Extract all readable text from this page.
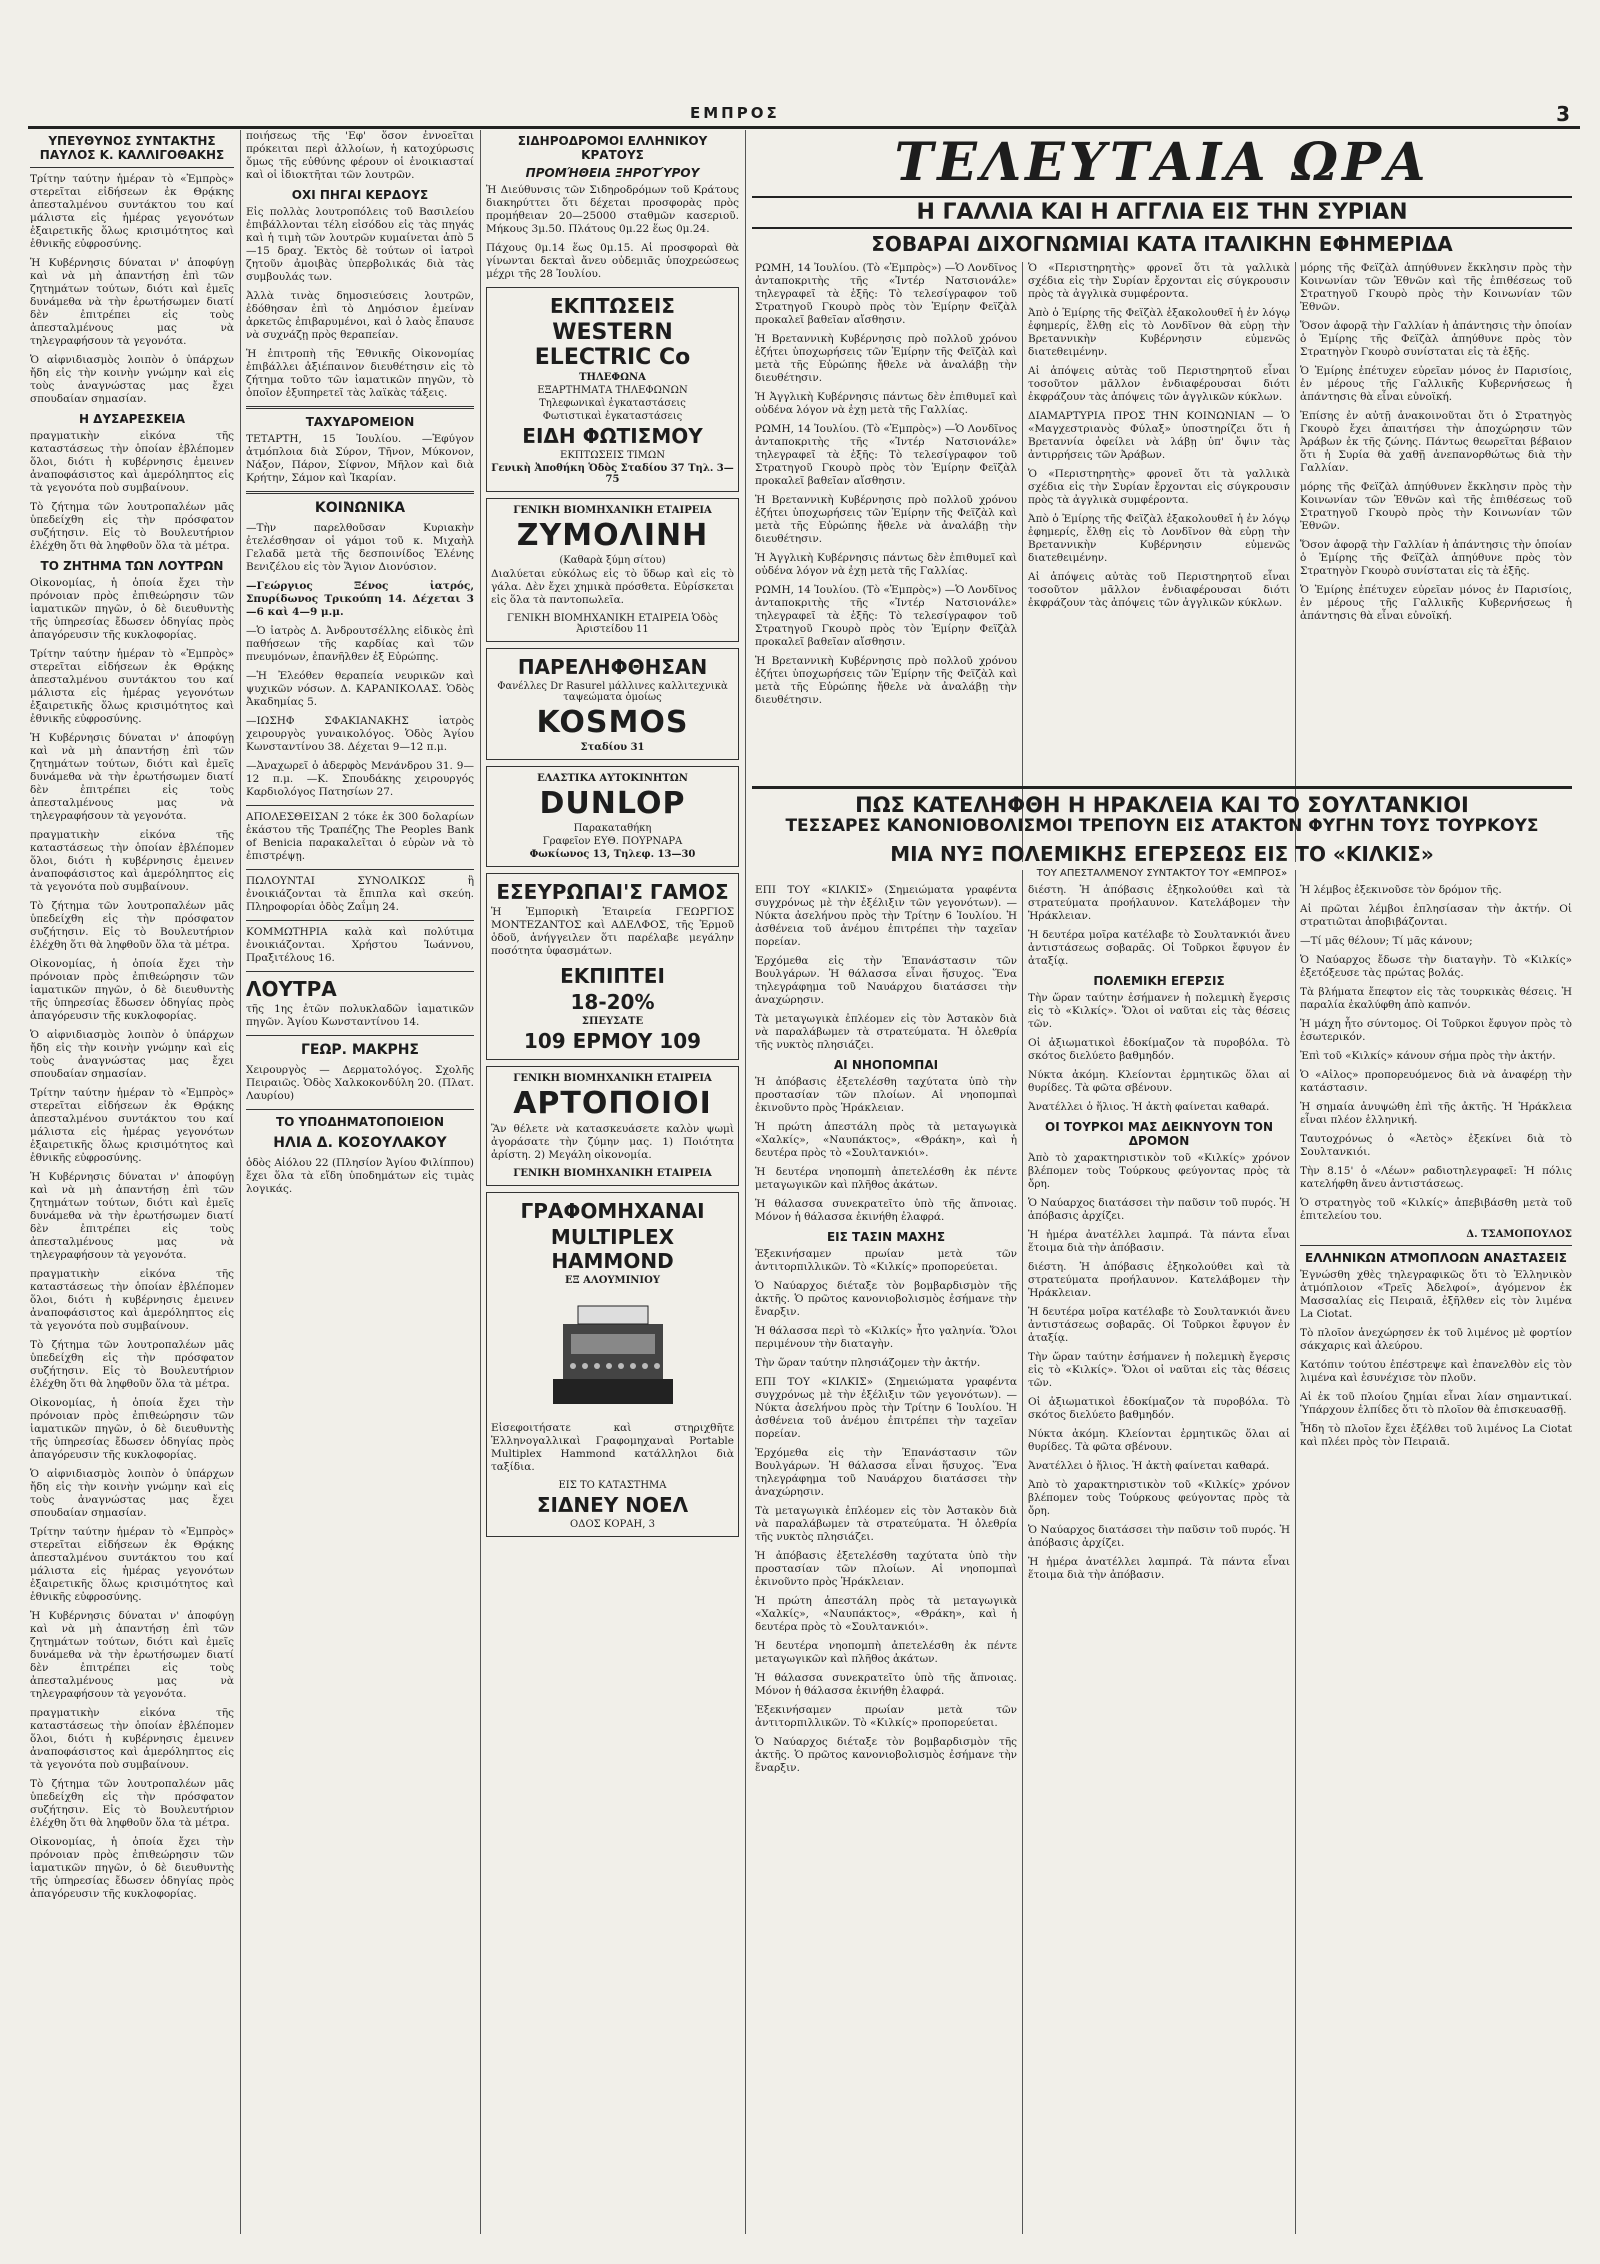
ΕΜΠΡΟΣ	3
ΥΠΕΥΘΥΝΟΣ ΣΥΝΤΑΚΤΗΣ ΠΑΥΛΟΣ Κ. ΚΑΛΛΙΓΟΘΑΚΗΣ

Τρίτην ταύτην ἡμέραν τὸ «Ἐμπρὸς» στερεῖται εἰδήσεων ἐκ Θρᾴκης ἀπεσταλμένου συντάκτου του καί μάλιστα εἰς ἡμέρας γεγονότων ἐξαιρετικῆς ὅλως κρισιμότητος καὶ ἐθνικῆς εὐφροσύνης.

Ἡ Κυβέρνησις δύναται ν' ἀποφύγῃ καὶ νὰ μὴ ἀπαντήσῃ ἐπὶ τῶν ζητημάτων τούτων, διότι καὶ ἐμεῖς δυνάμεθα νὰ τὴν ἐρωτήσωμεν διατί δὲν ἐπιτρέπει εἰς τοὺς ἀπεσταλμένους μας νὰ τηλεγραφήσουν τὰ γεγονότα.

Ὁ αἰφνιδιασμὸς λοιπὸν ὁ ὑπάρχων ἤδη εἰς τὴν κοινὴν γνώμην καὶ εἰς τοὺς ἀναγνώστας μας ἔχει σπουδαίαν σημασίαν.

Η ΔΥΣΑΡΕΣΚΕΙΑ

πραγματικὴν εἰκόνα τῆς καταστάσεως τὴν ὁποίαν ἐβλέπομεν ὅλοι, διότι ἡ κυβέρνησις ἐμεινεν ἀναποφάσιστος καὶ ἀμερόληπτος εἰς τὰ γεγονότα ποὺ συμβαίνουν.

Τὸ ζήτημα τῶν λουτροπαλέων μᾶς ὑπεδείχθη εἰς τὴν πρόσφατον συζήτησιν. Εἰς τὸ Βουλευτήριον ἐλέχθη ὅτι θὰ ληφθοῦν ὅλα τὰ μέτρα.

ΤΟ ΖΗΤΗΜΑ ΤΩΝ ΛΟΥΤΡΩΝ

Οἰκονομίας, ἡ ὁποία ἔχει τὴν πρόνοιαν πρὸς ἐπιθεώρησιν τῶν ἰαματικῶν πηγῶν, ὁ δὲ διευθυντὴς τῆς ὑπηρεσίας ἔδωσεν ὁδηγίας πρὸς ἀπαγόρευσιν τῆς κυκλοφορίας.

Τρίτην ταύτην ἡμέραν τὸ «Ἐμπρὸς» στερεῖται εἰδήσεων ἐκ Θρᾴκης ἀπεσταλμένου συντάκτου του καί μάλιστα εἰς ἡμέρας γεγονότων ἐξαιρετικῆς ὅλως κρισιμότητος καὶ ἐθνικῆς εὐφροσύνης.

Ἡ Κυβέρνησις δύναται ν' ἀποφύγῃ καὶ νὰ μὴ ἀπαντήσῃ ἐπὶ τῶν ζητημάτων τούτων, διότι καὶ ἐμεῖς δυνάμεθα νὰ τὴν ἐρωτήσωμεν διατί δὲν ἐπιτρέπει εἰς τοὺς ἀπεσταλμένους μας νὰ τηλεγραφήσουν τὰ γεγονότα.

πραγματικὴν εἰκόνα τῆς καταστάσεως τὴν ὁποίαν ἐβλέπομεν ὅλοι, διότι ἡ κυβέρνησις ἐμεινεν ἀναποφάσιστος καὶ ἀμερόληπτος εἰς τὰ γεγονότα ποὺ συμβαίνουν.

Τὸ ζήτημα τῶν λουτροπαλέων μᾶς ὑπεδείχθη εἰς τὴν πρόσφατον συζήτησιν. Εἰς τὸ Βουλευτήριον ἐλέχθη ὅτι θὰ ληφθοῦν ὅλα τὰ μέτρα.

Οἰκονομίας, ἡ ὁποία ἔχει τὴν πρόνοιαν πρὸς ἐπιθεώρησιν τῶν ἰαματικῶν πηγῶν, ὁ δὲ διευθυντὴς τῆς ὑπηρεσίας ἔδωσεν ὁδηγίας πρὸς ἀπαγόρευσιν τῆς κυκλοφορίας.

Ὁ αἰφνιδιασμὸς λοιπὸν ὁ ὑπάρχων ἤδη εἰς τὴν κοινὴν γνώμην καὶ εἰς τοὺς ἀναγνώστας μας ἔχει σπουδαίαν σημασίαν.

Τρίτην ταύτην ἡμέραν τὸ «Ἐμπρὸς» στερεῖται εἰδήσεων ἐκ Θρᾴκης ἀπεσταλμένου συντάκτου του καί μάλιστα εἰς ἡμέρας γεγονότων ἐξαιρετικῆς ὅλως κρισιμότητος καὶ ἐθνικῆς εὐφροσύνης.

Ἡ Κυβέρνησις δύναται ν' ἀποφύγῃ καὶ νὰ μὴ ἀπαντήσῃ ἐπὶ τῶν ζητημάτων τούτων, διότι καὶ ἐμεῖς δυνάμεθα νὰ τὴν ἐρωτήσωμεν διατί δὲν ἐπιτρέπει εἰς τοὺς ἀπεσταλμένους μας νὰ τηλεγραφήσουν τὰ γεγονότα.

πραγματικὴν εἰκόνα τῆς καταστάσεως τὴν ὁποίαν ἐβλέπομεν ὅλοι, διότι ἡ κυβέρνησις ἐμεινεν ἀναποφάσιστος καὶ ἀμερόληπτος εἰς τὰ γεγονότα ποὺ συμβαίνουν.

Τὸ ζήτημα τῶν λουτροπαλέων μᾶς ὑπεδείχθη εἰς τὴν πρόσφατον συζήτησιν. Εἰς τὸ Βουλευτήριον ἐλέχθη ὅτι θὰ ληφθοῦν ὅλα τὰ μέτρα.

Οἰκονομίας, ἡ ὁποία ἔχει τὴν πρόνοιαν πρὸς ἐπιθεώρησιν τῶν ἰαματικῶν πηγῶν, ὁ δὲ διευθυντὴς τῆς ὑπηρεσίας ἔδωσεν ὁδηγίας πρὸς ἀπαγόρευσιν τῆς κυκλοφορίας.

Ὁ αἰφνιδιασμὸς λοιπὸν ὁ ὑπάρχων ἤδη εἰς τὴν κοινὴν γνώμην καὶ εἰς τοὺς ἀναγνώστας μας ἔχει σπουδαίαν σημασίαν.

Τρίτην ταύτην ἡμέραν τὸ «Ἐμπρὸς» στερεῖται εἰδήσεων ἐκ Θρᾴκης ἀπεσταλμένου συντάκτου του καί μάλιστα εἰς ἡμέρας γεγονότων ἐξαιρετικῆς ὅλως κρισιμότητος καὶ ἐθνικῆς εὐφροσύνης.

Ἡ Κυβέρνησις δύναται ν' ἀποφύγῃ καὶ νὰ μὴ ἀπαντήσῃ ἐπὶ τῶν ζητημάτων τούτων, διότι καὶ ἐμεῖς δυνάμεθα νὰ τὴν ἐρωτήσωμεν διατί δὲν ἐπιτρέπει εἰς τοὺς ἀπεσταλμένους μας νὰ τηλεγραφήσουν τὰ γεγονότα.

πραγματικὴν εἰκόνα τῆς καταστάσεως τὴν ὁποίαν ἐβλέπομεν ὅλοι, διότι ἡ κυβέρνησις ἐμεινεν ἀναποφάσιστος καὶ ἀμερόληπτος εἰς τὰ γεγονότα ποὺ συμβαίνουν.

Τὸ ζήτημα τῶν λουτροπαλέων μᾶς ὑπεδείχθη εἰς τὴν πρόσφατον συζήτησιν. Εἰς τὸ Βουλευτήριον ἐλέχθη ὅτι θὰ ληφθοῦν ὅλα τὰ μέτρα.

Οἰκονομίας, ἡ ὁποία ἔχει τὴν πρόνοιαν πρὸς ἐπιθεώρησιν τῶν ἰαματικῶν πηγῶν, ὁ δὲ διευθυντὴς τῆς ὑπηρεσίας ἔδωσεν ὁδηγίας πρὸς ἀπαγόρευσιν τῆς κυκλοφορίας.

ποιήσεως τῆς 'Εφ' ὅσον ἐννοεῖται πρόκειται περὶ ἀλλοίων, ἡ κατοχύρωσις ὅμως τῆς εὐθύνης φέρουν οἱ ἐνοικιασταί καὶ οἱ ἰδιοκτῆται τῶν λουτρῶν.

ΟΧΙ ΠΗΓΑΙ ΚΕΡΔΟΥΣ

Εἰς πολλὰς λουτροπόλεις τοῦ Βασιλείου ἐπιβάλλονται τέλη εἰσόδου εἰς τὰς πηγάς καὶ ἡ τιμὴ τῶν λουτρῶν κυμαίνεται ἀπὸ 5—15 δραχ. Ἐκτὸς δὲ τούτων οἱ ἰατροὶ ζητοῦν ἀμοιβὰς ὑπερβολικάς διὰ τὰς συμβουλάς των.

Ἀλλὰ τινὰς δημοσιεύσεις λουτρῶν, ἐδόθησαν ἐπὶ τὸ Δημόσιον ἐμείναν ἀρκετῶς ἐπιβαρυμένοι, καὶ ὁ λαὸς ἔπαυσε νὰ συχνάζῃ πρὸς θεραπείαν.

Ἡ ἐπιτροπὴ τῆς Ἐθνικῆς Οἰκονομίας ἐπιβάλλει ἀξιέπαινον διευθέτησιν εἰς τὸ ζήτημα τοῦτο τῶν ἰαματικῶν πηγῶν, τὸ ὁποῖον ἐξυπηρετεῖ τὰς λαϊκὰς τάξεις.

ΤΑΧΥΔΡΟΜΕΙΟΝ

ΤΕΤΑΡΤΗ, 15 Ἰουλίου. —Ἐφύγον ἀτμόπλοια διὰ Σύρον, Τῆνον, Μύκονον, Νάξον, Πάρον, Σίφνον, Μῆλον καὶ διὰ Κρήτην, Σάμον καὶ Ἰκαρίαν.

ΚΟΙΝΩΝΙΚΑ

—Τὴν παρελθοῦσαν Κυριακὴν ἐτελέσθησαν οἱ γάμοι τοῦ κ. Μιχαὴλ Γελαδᾶ μετὰ τῆς δεσποινίδος Ἑλένης Βενιζέλου εἰς τὸν Ἅγιον Διονύσιον.

—Γεώργιος Ξένος ἰατρός, Σπυρίδωνος Τρικούπη 14. Δέχεται 3—6 καὶ 4—9 μ.μ.

—Ὁ ἰατρὸς Δ. Ἀνδρουτσέλλης εἰδικὸς ἐπὶ παθήσεων τῆς καρδίας καὶ τῶν πνευμόνων, ἐπανῆλθεν ἐξ Εὐρώπης.

—Ἡ Ἐλεόθεν θεραπεία νευρικῶν καὶ ψυχικῶν νόσων. Δ. ΚΑΡΑΝΙΚΟΛΑΣ. Ὁδὸς Ἀκαδημίας 5.

—ΙΩΣΗΦ ΣΦΑΚΙΑΝΑΚΗΣ ἰατρὸς χειρουργὸς γυναικολόγος. Ὁδὸς Ἁγίου Κωνσταντίνου 38. Δέχεται 9—12 π.μ.

—Ἀναχωρεῖ ὁ ἀδερφὸς Μενάνδρου 31. 9—12 π.μ. —Κ. Σπουδάκης χειρουργός Καρδιολόγος Πατησίων 27.

ΑΠΟΛΕΣΘΕΙΣΑΝ 2 τόκε ἐκ 300 δολαρίων ἑκάστου τῆς Τραπέζης The Peoples Bank of Benicia παρακαλεῖται ὁ εὑρὼν νὰ τὸ ἐπιστρέψῃ.

ΠΩΛΟΥΝΤΑΙ ΣΥΝΟΛΙΚΩΣ ἢ ἐνοικιάζονται τὰ ἔπιπλα καὶ σκεύη. Πληροφορίαι ὁδὸς Ζαΐμη 24.

ΚΟΜΜΩΤΗΡΙΑ καλὰ καὶ πολύτιμα ἐνοικιάζονται. Χρήστου Ἰωάννου, Πραξιτέλους 16.

ΛΟΥΤΡΑ

τῆς 1ης ἐτῶν πολυκλαδῶν ἰαματικῶν πηγῶν. Ἁγίου Κωνσταντίνου 14.

ΓΕΩΡ. ΜΑΚΡΗΣ

Χειρουργὸς — Δερματολόγος. Σχολῆς Πειραιῶς. Ὁδὸς Χαλκοκονδύλη 20. (Πλατ. Λαυρίου)

ΤΟ ΥΠΟΔΗΜΑΤΟΠΟΙΕΙΟΝ
ΗΛΙΑ Δ. ΚΟΣΟΥΛΑΚΟΥ

ὁδὸς Αἰόλου 22 (Πλησίον Ἁγίου Φιλίππου) ἔχει ὅλα τὰ εἴδη ὑποδημάτων εἰς τιμὰς λογικάς.

ΣΙΔΗΡΟΔΡΟΜΟΙ ΕΛΛΗΝΙΚΟΥ ΚΡΑΤΟΥΣ
ΠΡΟΜΉΘΕΙΑ ΞΗΡΟΤΎΡΟΥ

Ἡ Διεύθυνσις τῶν Σιδηροδρόμων τοῦ Κράτους διακηρύττει ὅτι δέχεται προσφορὰς πρὸς προμήθειαν 20—25000 σταθμῶν κασεριοῦ. Μήκους 3μ.50. Πλάτους 0μ.22 ἕως 0μ.24.

Πάχους 0μ.14 ἕως 0μ.15. Αἱ προσφοραὶ θὰ γίνωνται δεκταὶ ἄνευ οὐδεμιᾶς ὑποχρεώσεως μέχρι τῆς 28 Ἰουλίου.

ΕΚΠΤΩΣΕΙΣ
WESTERN ELECTRIC Co
ΤΗΛΕΦΩΝΑ
ΕΞΑΡΤΗΜΑΤΑ ΤΗΛΕΦΩΝΩΝ
Τηλεφωνικαὶ ἐγκαταστάσεις
Φωτιστικαὶ ἐγκαταστάσεις
ΕΙΔΗ ΦΩΤΙΣΜΟΥ
ΕΚΠΤΩΣΕΙΣ ΤΙΜΩΝ
Γενικὴ Ἀποθήκη Ὁδὸς Σταδίου 37 Τηλ. 3—75
ΓΕΝΙΚΗ ΒΙΟΜΗΧΑΝΙΚΗ ΕΤΑΙΡΕΙΑ
ΖΥΜΟΛΙΝΗ
(Καθαρὰ ξύμη σίτου)

Διαλύεται εὐκόλως εἰς τὸ ὕδωρ καὶ εἰς τὸ γάλα. Δὲν ἔχει χημικὰ πρόσθετα. Εὑρίσκεται εἰς ὅλα τὰ παντοπωλεῖα.

ΓΕΝΙΚΗ ΒΙΟΜΗΧΑΝΙΚΗ ΕΤΑΙΡΕΙΑ Ὁδὸς Ἀριστείδου 11
ΠΑΡΕΛΗΦΘΗΣΑΝ
Φανέλλες Dr Rasurel μάλλινες καλλιτεχνικὰ ταψεώματα ὁμοίως
KOSMOS
Σταδίου 31
ΕΛΑΣΤΙΚΑ ΑΥΤΟΚΙΝΗΤΩΝ
DUNLOP
Παρακαταθήκη
Γραφεῖον ΕΥΘ. ΠΟΥΡΝΑΡΑ
Φωκίωνος 13, Τηλεφ. 13—30
ΕΣΕΥΡΩΠΑΙ'Σ ΓΑΜΟΣ

Ἡ Ἐμπορικὴ Ἑταιρεία ΓΕΩΡΓΙΟΣ ΜΟΝΤΕΖΑΝΤΟΣ καὶ ΑΔΕΛΦΟΣ, τῆς Ἑρμοῦ ὁδοῦ, ἀνήγγειλεν ὅτι παρέλαβε μεγάλην ποσότητα ὑφασμάτων.

ΕΚΠΙΠΤΕΙ
18-20%
ΣΠΕΥΣΑΤΕ
109 ΕΡΜΟΥ 109
ΓΕΝΙΚΗ ΒΙΟΜΗΧΑΝΙΚΗ ΕΤΑΙΡΕΙΑ
ΑΡΤΟΠΟΙΟΙ

Ἂν θέλετε νὰ κατασκευάσετε καλὸν ψωμὶ ἀγοράσατε τὴν ζύμην μας. 1) Ποιότητα ἀρίστη. 2) Μεγάλη οἰκονομία.

ΓΕΝΙΚΗ ΒΙΟΜΗΧΑΝΙΚΗ ΕΤΑΙΡΕΙΑ
ΓΡΑΦΟΜΗΧΑΝΑΙ
MULTIPLEX HAMMOND
ΕΞ ΑΛΟΥΜΙΝΙΟΥ

Εἰσεφοιτήσατε καὶ στηριχθῆτε Ἑλληνογαλλικαὶ Γραφομηχαναὶ Portable Multiplex Hammond κατάλληλοι διὰ ταξίδια.

ΕΙΣ ΤΟ ΚΑΤΑΣΤΗΜΑ
ΣΙΔΝΕΥ ΝΟΕΛ
ΟΔΟΣ ΚΟΡΑΗ, 3
ΤΕΛΕΥΤΑΙΑ ΩΡΑ
Η ΓΑΛΛΙΑ ΚΑΙ Η ΑΓΓΛΙΑ ΕΙΣ ΤΗΝ ΣΥΡΙΑΝ
ΣΟΒΑΡΑΙ ΔΙΧΟΓΝΩΜΙΑΙ ΚΑΤΑ ΙΤΑΛΙΚΗΝ ΕΦΗΜΕΡΙΔΑ

ΡΩΜΗ, 14 Ἰουλίου. (Τὸ «Ἐμπρὸς») —Ὁ Λονδῖνος ἀνταποκριτὴς τῆς «Ἰντέρ Νατσιονάλε» τηλεγραφεῖ τὰ ἑξῆς: Τὸ τελεσίγραφον τοῦ Στρατηγοῦ Γκουρὸ πρὸς τὸν Ἐμίρην Φεϊζὰλ προκαλεῖ βαθεῖαν αἴσθησιν.

Ἡ Βρεταννικὴ Κυβέρνησις πρὸ πολλοῦ χρόνου ἐζήτει ὑποχωρήσεις τῶν Ἐμίρην τῆς Φεϊζὰλ καὶ μετὰ τῆς Εὐρώπης ἤθελε νὰ ἀναλάβῃ τὴν διευθέτησιν.

Ἡ Ἀγγλικὴ Κυβέρνησις πάντως δὲν ἐπιθυμεῖ καὶ οὐδένα λόγον νὰ ἐχῃ μετὰ τῆς Γαλλίας.

ΡΩΜΗ, 14 Ἰουλίου. (Τὸ «Ἐμπρὸς») —Ὁ Λονδῖνος ἀνταποκριτὴς τῆς «Ἰντέρ Νατσιονάλε» τηλεγραφεῖ τὰ ἑξῆς: Τὸ τελεσίγραφον τοῦ Στρατηγοῦ Γκουρὸ πρὸς τὸν Ἐμίρην Φεϊζὰλ προκαλεῖ βαθεῖαν αἴσθησιν.

Ἡ Βρεταννικὴ Κυβέρνησις πρὸ πολλοῦ χρόνου ἐζήτει ὑποχωρήσεις τῶν Ἐμίρην τῆς Φεϊζὰλ καὶ μετὰ τῆς Εὐρώπης ἤθελε νὰ ἀναλάβῃ τὴν διευθέτησιν.

Ἡ Ἀγγλικὴ Κυβέρνησις πάντως δὲν ἐπιθυμεῖ καὶ οὐδένα λόγον νὰ ἐχῃ μετὰ τῆς Γαλλίας.

ΡΩΜΗ, 14 Ἰουλίου. (Τὸ «Ἐμπρὸς») —Ὁ Λονδῖνος ἀνταποκριτὴς τῆς «Ἰντέρ Νατσιονάλε» τηλεγραφεῖ τὰ ἑξῆς: Τὸ τελεσίγραφον τοῦ Στρατηγοῦ Γκουρὸ πρὸς τὸν Ἐμίρην Φεϊζὰλ προκαλεῖ βαθεῖαν αἴσθησιν.

Ἡ Βρεταννικὴ Κυβέρνησις πρὸ πολλοῦ χρόνου ἐζήτει ὑποχωρήσεις τῶν Ἐμίρην τῆς Φεϊζὰλ καὶ μετὰ τῆς Εὐρώπης ἤθελε νὰ ἀναλάβῃ τὴν διευθέτησιν.

Ὁ «Περιστηρητὴς» φρονεῖ ὅτι τὰ γαλλικὰ σχέδια εἰς τὴν Συρίαν ἔρχονται εἰς σύγκρουσιν πρὸς τὰ ἀγγλικὰ συμφέροντα.

Ἀπὸ ὁ Ἐμίρης τῆς Φεϊζὰλ ἐξακολουθεῖ ἡ ἐν λόγῳ ἐφημερίς, ἔλθῃ εἰς τὸ Λονδῖνον θὰ εὑρῃ τὴν Βρεταννικὴν Κυβέρνησιν εὐμενῶς διατεθειμένην.

Αἱ ἀπόψεις αὐτὰς τοῦ Περιστηρητοῦ εἶναι τοσοῦτον μᾶλλον ἐνδιαφέρουσαι διότι ἐκφράζουν τὰς ἀπόψεις τῶν ἀγγλικῶν κύκλων.

ΔΙΑΜΑΡΤΥΡΙΑ ΠΡΟΣ ΤΗΝ ΚΟΙΝΩΝΙΑΝ — Ὁ «Μαγχεστριανὸς Φύλαξ» ὑποστηρίζει ὅτι ἡ Βρεταννία ὀφείλει νὰ λάβῃ ὑπ' ὄψιν τὰς ἀντιρρήσεις τῶν Ἀράβων.

Ὁ «Περιστηρητὴς» φρονεῖ ὅτι τὰ γαλλικὰ σχέδια εἰς τὴν Συρίαν ἔρχονται εἰς σύγκρουσιν πρὸς τὰ ἀγγλικὰ συμφέροντα.

Ἀπὸ ὁ Ἐμίρης τῆς Φεϊζὰλ ἐξακολουθεῖ ἡ ἐν λόγῳ ἐφημερίς, ἔλθῃ εἰς τὸ Λονδῖνον θὰ εὑρῃ τὴν Βρεταννικὴν Κυβέρνησιν εὐμενῶς διατεθειμένην.

Αἱ ἀπόψεις αὐτὰς τοῦ Περιστηρητοῦ εἶναι τοσοῦτον μᾶλλον ἐνδιαφέρουσαι διότι ἐκφράζουν τὰς ἀπόψεις τῶν ἀγγλικῶν κύκλων.

μόρης τῆς Φεϊζὰλ ἀπηύθυνεν ἔκκλησιν πρὸς τὴν Κοινωνίαν τῶν Ἐθνῶν καὶ τῆς ἐπιθέσεως τοῦ Στρατηγοῦ Γκουρὸ πρὸς τὴν Κοινωνίαν τῶν Ἐθνῶν.

Ὅσον ἀφορᾷ τὴν Γαλλίαν ἡ ἀπάντησις τὴν ὁποίαν ὁ Ἐμίρης τῆς Φεϊζὰλ ἀπηύθυνε πρὸς τὸν Στρατηγὸν Γκουρὸ συνίσταται εἰς τὰ ἑξῆς.

Ὁ Ἐμίρης ἐπέτυχεν εὐρεῖαν μόνος ἐν Παρισίοις, ἐν μέρους τῆς Γαλλικῆς Κυβερνήσεως ἡ ἀπάντησις θὰ εἶναι εὐνοϊκή.

Ἐπίσης ἐν αὐτῇ ἀνακοινοῦται ὅτι ὁ Στρατηγὸς Γκουρὸ ἔχει ἀπαιτήσει τὴν ἀποχώρησιν τῶν Ἀράβων ἐκ τῆς ζώνης. Πάντως θεωρεῖται βέβαιον ὅτι ἡ Συρία θὰ χαθῇ ἀνεπανορθώτως διὰ τὴν Γαλλίαν.

μόρης τῆς Φεϊζὰλ ἀπηύθυνεν ἔκκλησιν πρὸς τὴν Κοινωνίαν τῶν Ἐθνῶν καὶ τῆς ἐπιθέσεως τοῦ Στρατηγοῦ Γκουρὸ πρὸς τὴν Κοινωνίαν τῶν Ἐθνῶν.

Ὅσον ἀφορᾷ τὴν Γαλλίαν ἡ ἀπάντησις τὴν ὁποίαν ὁ Ἐμίρης τῆς Φεϊζὰλ ἀπηύθυνε πρὸς τὸν Στρατηγὸν Γκουρὸ συνίσταται εἰς τὰ ἑξῆς.

Ὁ Ἐμίρης ἐπέτυχεν εὐρεῖαν μόνος ἐν Παρισίοις, ἐν μέρους τῆς Γαλλικῆς Κυβερνήσεως ἡ ἀπάντησις θὰ εἶναι εὐνοϊκή.

ΠΩΣ ΚΑΤΕΛΗΦΘΗ Η ΗΡΑΚΛΕΙΑ ΚΑΙ ΤΟ ΣΟΥΛΤΑΝΚΙΟΙ
ΤΕΣΣΑΡΕΣ ΚΑΝΟΝΙΟΒΟΛΙΣΜΟΙ ΤΡΕΠΟΥΝ ΕΙΣ ΑΤΑΚΤΟΝ ΦΥΓΗΝ ΤΟΥΣ ΤΟΥΡΚΟΥΣ
ΜΙΑ ΝΥΞ ΠΟΛΕΜΙΚΗΣ ΕΓΕΡΣΕΩΣ ΕΙΣ ΤΟ «ΚΙΛΚΙΣ»
ΤΟΥ ΑΠΕΣΤΑΛΜΕΝΟΥ ΣΥΝΤΑΚΤΟΥ ΤΟΥ «ΕΜΠΡΟΣ»

ΕΠΙ ΤΟΥ «ΚΙΛΚΙΣ» (Σημειώματα γραφέντα συγχρόνως μὲ τὴν ἐξέλιξιν τῶν γεγονότων). —Νύκτα ἀσελήνου πρὸς τὴν Τρίτην 6 Ἰουλίου. Ἡ ἀσθένεια τοῦ ἀνέμου ἐπιτρέπει τὴν ταχεῖαν πορείαν.

Ἐρχόμεθα εἰς τὴν Ἐπανάστασιν τῶν Βουλγάρων. Ἡ θάλασσα εἶναι ἥσυχος. Ἕνα τηλεγράφημα τοῦ Ναυάρχου διατάσσει τὴν ἀναχώρησιν.

Τὰ μεταγωγικὰ ἐπλέομεν εἰς τὸν Ἀστακὸν διὰ νὰ παραλάβωμεν τὰ στρατεύματα. Ἡ ὁλεθρία τῆς νυκτὸς πλησιάζει.

ΑΙ ΝΗΟΠΟΜΠΑΙ

Ἡ ἀπόβασις ἐξετελέσθη ταχύτατα ὑπὸ τὴν προστασίαν τῶν πλοίων. Αἱ νηοπομπαὶ ἐκινοῦντο πρὸς Ἡράκλειαν.

Ἡ πρώτη ἀπεστάλη πρὸς τὰ μεταγωγικὰ «Χαλκίς», «Ναυπάκτος», «Θράκη», καὶ ἡ δευτέρα πρὸς τὸ «Σουλτανκιόι».

Ἡ δευτέρα νηοπομπὴ ἀπετελέσθη ἐκ πέντε μεταγωγικῶν καὶ πλῆθος ἀκάτων.

Ἡ θάλασσα συνεκρατεῖτο ὑπὸ τῆς ἄπνοιας. Μόνον ἡ θάλασσα ἐκινήθη ἐλαφρά.

ΕΙΣ ΤΑΣΙΝ ΜΑΧΗΣ

Ἐξεκινήσαμεν πρωίαν μετὰ τῶν ἀντιτορπιλλικῶν. Τὸ «Κιλκίς» προπορεύεται.

Ὁ Ναύαρχος διέταξε τὸν βομβαρδισμὸν τῆς ἀκτῆς. Ὁ πρῶτος κανονιοβολισμὸς ἐσήμανε τὴν ἔναρξιν.

Ἡ θάλασσα περὶ τὸ «Κιλκίς» ἦτο γαληνία. Ὅλοι περιμένουν τὴν διαταγὴν.

Τὴν ὥραν ταύτην πλησιάζομεν τὴν ἀκτήν.

ΕΠΙ ΤΟΥ «ΚΙΛΚΙΣ» (Σημειώματα γραφέντα συγχρόνως μὲ τὴν ἐξέλιξιν τῶν γεγονότων). —Νύκτα ἀσελήνου πρὸς τὴν Τρίτην 6 Ἰουλίου. Ἡ ἀσθένεια τοῦ ἀνέμου ἐπιτρέπει τὴν ταχεῖαν πορείαν.

Ἐρχόμεθα εἰς τὴν Ἐπανάστασιν τῶν Βουλγάρων. Ἡ θάλασσα εἶναι ἥσυχος. Ἕνα τηλεγράφημα τοῦ Ναυάρχου διατάσσει τὴν ἀναχώρησιν.

Τὰ μεταγωγικὰ ἐπλέομεν εἰς τὸν Ἀστακὸν διὰ νὰ παραλάβωμεν τὰ στρατεύματα. Ἡ ὁλεθρία τῆς νυκτὸς πλησιάζει.

Ἡ ἀπόβασις ἐξετελέσθη ταχύτατα ὑπὸ τὴν προστασίαν τῶν πλοίων. Αἱ νηοπομπαὶ ἐκινοῦντο πρὸς Ἡράκλειαν.

Ἡ πρώτη ἀπεστάλη πρὸς τὰ μεταγωγικὰ «Χαλκίς», «Ναυπάκτος», «Θράκη», καὶ ἡ δευτέρα πρὸς τὸ «Σουλτανκιόι».

Ἡ δευτέρα νηοπομπὴ ἀπετελέσθη ἐκ πέντε μεταγωγικῶν καὶ πλῆθος ἀκάτων.

Ἡ θάλασσα συνεκρατεῖτο ὑπὸ τῆς ἄπνοιας. Μόνον ἡ θάλασσα ἐκινήθη ἐλαφρά.

Ἐξεκινήσαμεν πρωίαν μετὰ τῶν ἀντιτορπιλλικῶν. Τὸ «Κιλκίς» προπορεύεται.

Ὁ Ναύαρχος διέταξε τὸν βομβαρδισμὸν τῆς ἀκτῆς. Ὁ πρῶτος κανονιοβολισμὸς ἐσήμανε τὴν ἔναρξιν.

διέστη. Ἡ ἀπόβασις ἐξηκολούθει καὶ τὰ στρατεύματα προήλαυνον. Κατελάβομεν τὴν Ἡράκλειαν.

Ἡ δευτέρα μοῖρα κατέλαβε τὸ Σουλτανκιόι ἄνευ ἀντιστάσεως σοβαρᾶς. Οἱ Τοῦρκοι ἔφυγον ἐν ἀταξίᾳ.

ΠΟΛΕΜΙΚΗ ΕΓΕΡΣΙΣ

Τὴν ὥραν ταύτην ἐσήμανεν ἡ πολεμικὴ ἔγερσις εἰς τὸ «Κιλκίς». Ὅλοι οἱ ναῦται εἰς τὰς θέσεις τῶν.

Οἱ ἀξιωματικοὶ ἐδοκίμαζον τὰ πυροβόλα. Τὸ σκότος διελύετο βαθμηδόν.

Νύκτα ἀκόμη. Κλείονται ἐρμητικῶς ὅλαι αἱ θυρίδες. Τὰ φῶτα σβένουν.

Ἀνατέλλει ὁ ἥλιος. Ἡ ἀκτὴ φαίνεται καθαρά.

ΟΙ ΤΟΥΡΚΟΙ ΜΑΣ ΔΕΙΚΝΥΟΥΝ ΤΟΝ ΔΡΟΜΟΝ

Ἀπὸ τὸ χαρακτηριστικὸν τοῦ «Κιλκίς» χρόνον βλέπομεν τοὺς Τούρκους φεύγοντας πρὸς τὰ ὄρη.

Ὁ Ναύαρχος διατάσσει τὴν παῦσιν τοῦ πυρός. Ἡ ἀπόβασις ἀρχίζει.

Ἡ ἡμέρα ἀνατέλλει λαμπρά. Τὰ πάντα εἶναι ἕτοιμα διὰ τὴν ἀπόβασιν.

διέστη. Ἡ ἀπόβασις ἐξηκολούθει καὶ τὰ στρατεύματα προήλαυνον. Κατελάβομεν τὴν Ἡράκλειαν.

Ἡ δευτέρα μοῖρα κατέλαβε τὸ Σουλτανκιόι ἄνευ ἀντιστάσεως σοβαρᾶς. Οἱ Τοῦρκοι ἔφυγον ἐν ἀταξίᾳ.

Τὴν ὥραν ταύτην ἐσήμανεν ἡ πολεμικὴ ἔγερσις εἰς τὸ «Κιλκίς». Ὅλοι οἱ ναῦται εἰς τὰς θέσεις τῶν.

Οἱ ἀξιωματικοὶ ἐδοκίμαζον τὰ πυροβόλα. Τὸ σκότος διελύετο βαθμηδόν.

Νύκτα ἀκόμη. Κλείονται ἐρμητικῶς ὅλαι αἱ θυρίδες. Τὰ φῶτα σβένουν.

Ἀνατέλλει ὁ ἥλιος. Ἡ ἀκτὴ φαίνεται καθαρά.

Ἀπὸ τὸ χαρακτηριστικὸν τοῦ «Κιλκίς» χρόνον βλέπομεν τοὺς Τούρκους φεύγοντας πρὸς τὰ ὄρη.

Ὁ Ναύαρχος διατάσσει τὴν παῦσιν τοῦ πυρός. Ἡ ἀπόβασις ἀρχίζει.

Ἡ ἡμέρα ἀνατέλλει λαμπρά. Τὰ πάντα εἶναι ἕτοιμα διὰ τὴν ἀπόβασιν.

Ἡ λέμβος ἐξεκινοῦσε τὸν δρόμον τῆς.

Αἱ πρῶται λέμβοι ἐπλησίασαν τὴν ἀκτήν. Οἱ στρατιῶται ἀποβιβάζονται.

—Τί μᾶς θέλουν; Τί μᾶς κάνουν;

Ὁ Ναύαρχος ἔδωσε τὴν διαταγὴν. Τὸ «Κιλκίς» ἐξετόξευσε τὰς πρώτας βολάς.

Τὰ βλήματα ἔπεφτον εἰς τὰς τουρκικὰς θέσεις. Ἡ παραλία ἐκαλύφθη ἀπὸ καπνόν.

Ἡ μάχη ἦτο σύντομος. Οἱ Τοῦρκοι ἔφυγον πρὸς τὸ ἐσωτερικόν.

Ἐπὶ τοῦ «Κιλκίς» κάνουν σήμα πρὸς τὴν ἀκτήν.

Ὁ «Αἰλος» προπορευόμενος διὰ νὰ ἀναφέρῃ τὴν κατάστασιν.

Ἡ σημαία ἀνυψώθη ἐπὶ τῆς ἀκτῆς. Ἡ Ἡράκλεια εἶναι πλέον ἑλληνική.

Ταυτοχρόνως ὁ «Ἀετὸς» ἐξεκίνει διὰ τὸ Σουλτανκιόι.

Τὴν 8.15' ὁ «Λέων» ραδιοτηλεγραφεῖ: Ἡ πόλις κατελήφθη ἄνευ ἀντιστάσεως.

Ὁ στρατηγὸς τοῦ «Κιλκίς» ἀπεβιβάσθη μετὰ τοῦ ἐπιτελείου του.

Δ. ΤΣΑΜΟΠΟΥΛΟΣ
ΕΛΛΗΝΙΚΩΝ ΑΤΜΟΠΛΟΩΝ ΑΝΑΣΤΑΣΕΙΣ

Ἐγνώσθη χθὲς τηλεγραφικῶς ὅτι τὸ Ἑλληνικὸν ἀτμόπλοιον «Τρεῖς Ἀδελφοί», ἀγόμενον ἐκ Μασσαλίας εἰς Πειραιᾶ, ἐξῆλθεν εἰς τὸν λιμένα La Ciotat.

Τὸ πλοῖον ἀνεχώρησεν ἐκ τοῦ λιμένος μὲ φορτίον σάκχαρις καὶ ἀλεύρου.

Κατόπιν τούτου ἐπέστρεψε καὶ ἐπανελθὸν εἰς τὸν λιμένα καὶ ἐσυνέχισε τὸν πλοῦν.

Αἱ ἐκ τοῦ πλοίου ζημίαι εἶναι λίαν σημαντικαί. Ὑπάρχουν ἐλπίδες ὅτι τὸ πλοῖον θὰ ἐπισκευασθῇ.

Ἦδη τὸ πλοῖον ἔχει ἐξέλθει τοῦ λιμένος La Ciotat καὶ πλέει πρὸς τὸν Πειραιᾶ.
